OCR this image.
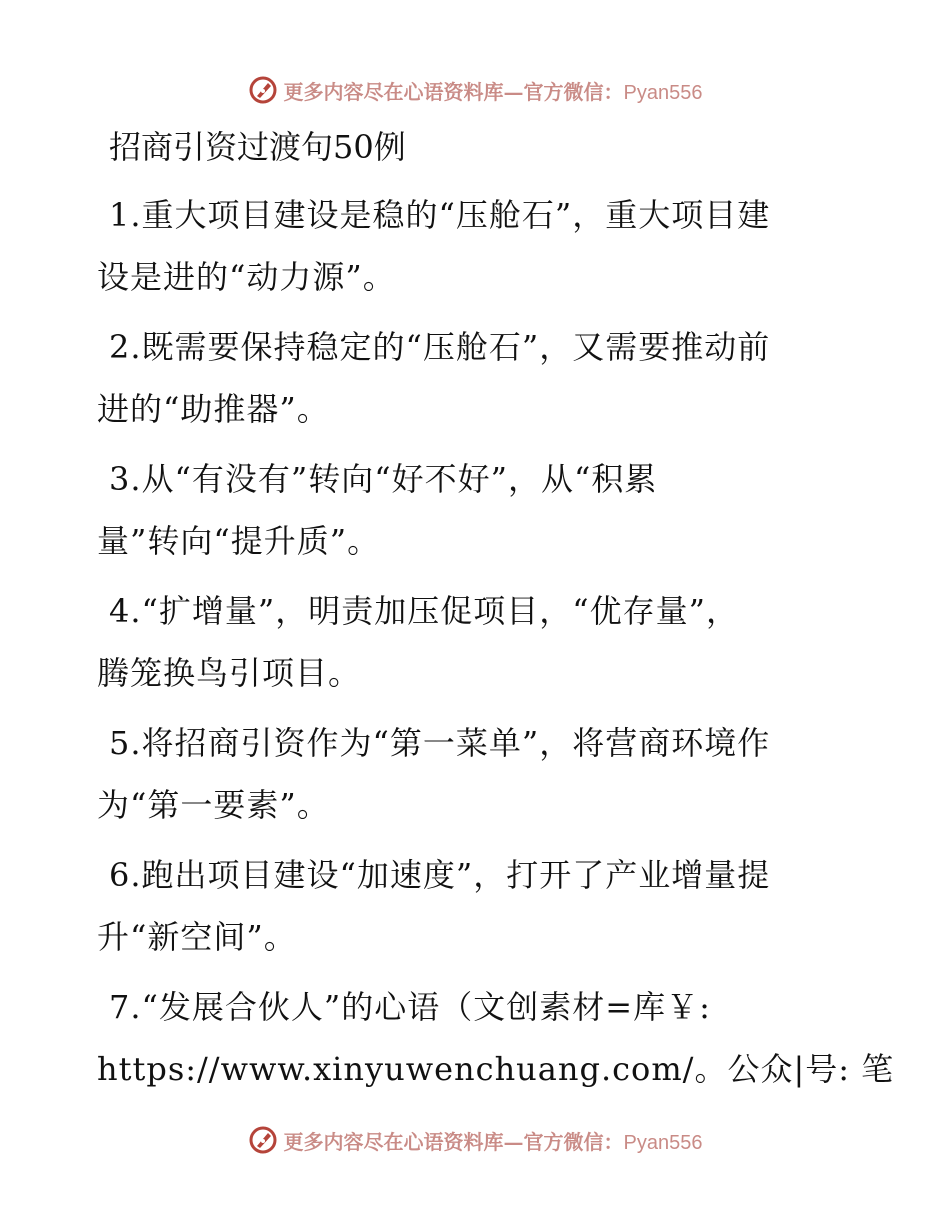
更多内容尽在心语资料库—官方微信：Pyan556
招商引资过渡句50例
1.重大项目建设是稳的“压舱石”，重大项目建
设是进的“动力源”。
2.既需要保持稳定的“压舱石”，又需要推动前
进的“助推器”。
3.从“有没有”转向“好不好”，从“积累
量”转向“提升质”。
4.“扩增量”，明责加压促项目，“优存量”，
腾笼换鸟引项目。
5.将招商引资作为“第一菜单”，将营商环境作
为“第一要素”。
6.跑出项目建设“加速度”，打开了产业增量提
升“新空间”。
7.“发展合伙人”的心语（文创素材=库￥:
https://www.xinyuwenchuang.com/。公众|号: 笔
更多内容尽在心语资料库—官方微信：Pyan556
